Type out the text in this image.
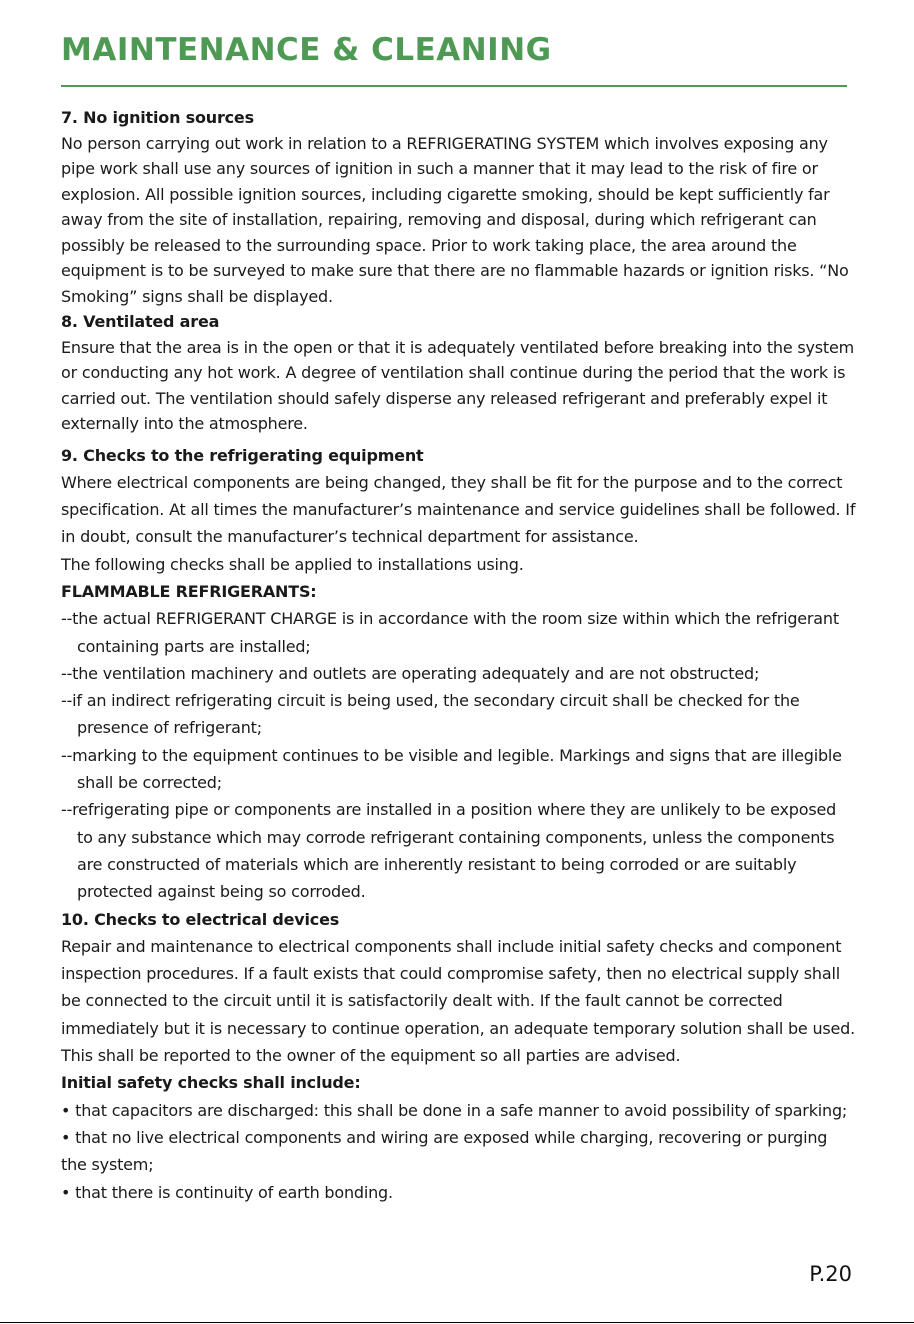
MAINTENANCE & CLEANING
7. No ignition sources

No person carrying out work in relation to a REFRIGERATING SYSTEM which involves exposing any pipe work shall use any sources of ignition in such a manner that it may lead to the risk of fire or explosion. All possible ignition sources, including cigarette smoking, should be kept sufficiently far away from the site of installation, repairing, removing and disposal, during which refrigerant can possibly be released to the surrounding space. Prior to work taking place, the area around the equipment is to be surveyed to make sure that there are no flammable hazards or ignition risks. “No Smoking” signs shall be displayed.

8. Ventilated area

Ensure that the area is in the open or that it is adequately ventilated before breaking into the system or conducting any hot work. A degree of ventilation shall continue during the period that the work is carried out. The ventilation should safely disperse any released refrigerant and preferably expel it externally into the atmosphere.

9. Checks to the refrigerating equipment

Where electrical components are being changed, they shall be fit for the purpose and to the correct specification. At all times the manufacturer’s maintenance and service guidelines shall be followed. If in doubt, consult the manufacturer’s technical department for assistance.

The following checks shall be applied to installations using.

FLAMMABLE REFRIGERANTS:

--the actual REFRIGERANT CHARGE is in accordance with the room size within which the refrigerant containing parts are installed;

--the ventilation machinery and outlets are operating adequately and are not obstructed;

--if an indirect refrigerating circuit is being used, the secondary circuit shall be checked for the presence of refrigerant;

--marking to the equipment continues to be visible and legible. Markings and signs that are illegible shall be corrected;

--refrigerating pipe or components are installed in a position where they are unlikely to be exposed to any substance which may corrode refrigerant containing components, unless the components are constructed of materials which are inherently resistant to being corroded or are suitably protected against being so corroded.

10. Checks to electrical devices

Repair and maintenance to electrical components shall include initial safety checks and component inspection procedures. If a fault exists that could compromise safety, then no electrical supply shall be connected to the circuit until it is satisfactorily dealt with. If the fault cannot be corrected immediately but it is necessary to continue operation, an adequate temporary solution shall be used. This shall be reported to the owner of the equipment so all parties are advised.

Initial safety checks shall include:

• that capacitors are discharged: this shall be done in a safe manner to avoid possibility of sparking;

• that no live electrical components and wiring are exposed while charging, recovering or purging the system;

• that there is continuity of earth bonding.

P.20
